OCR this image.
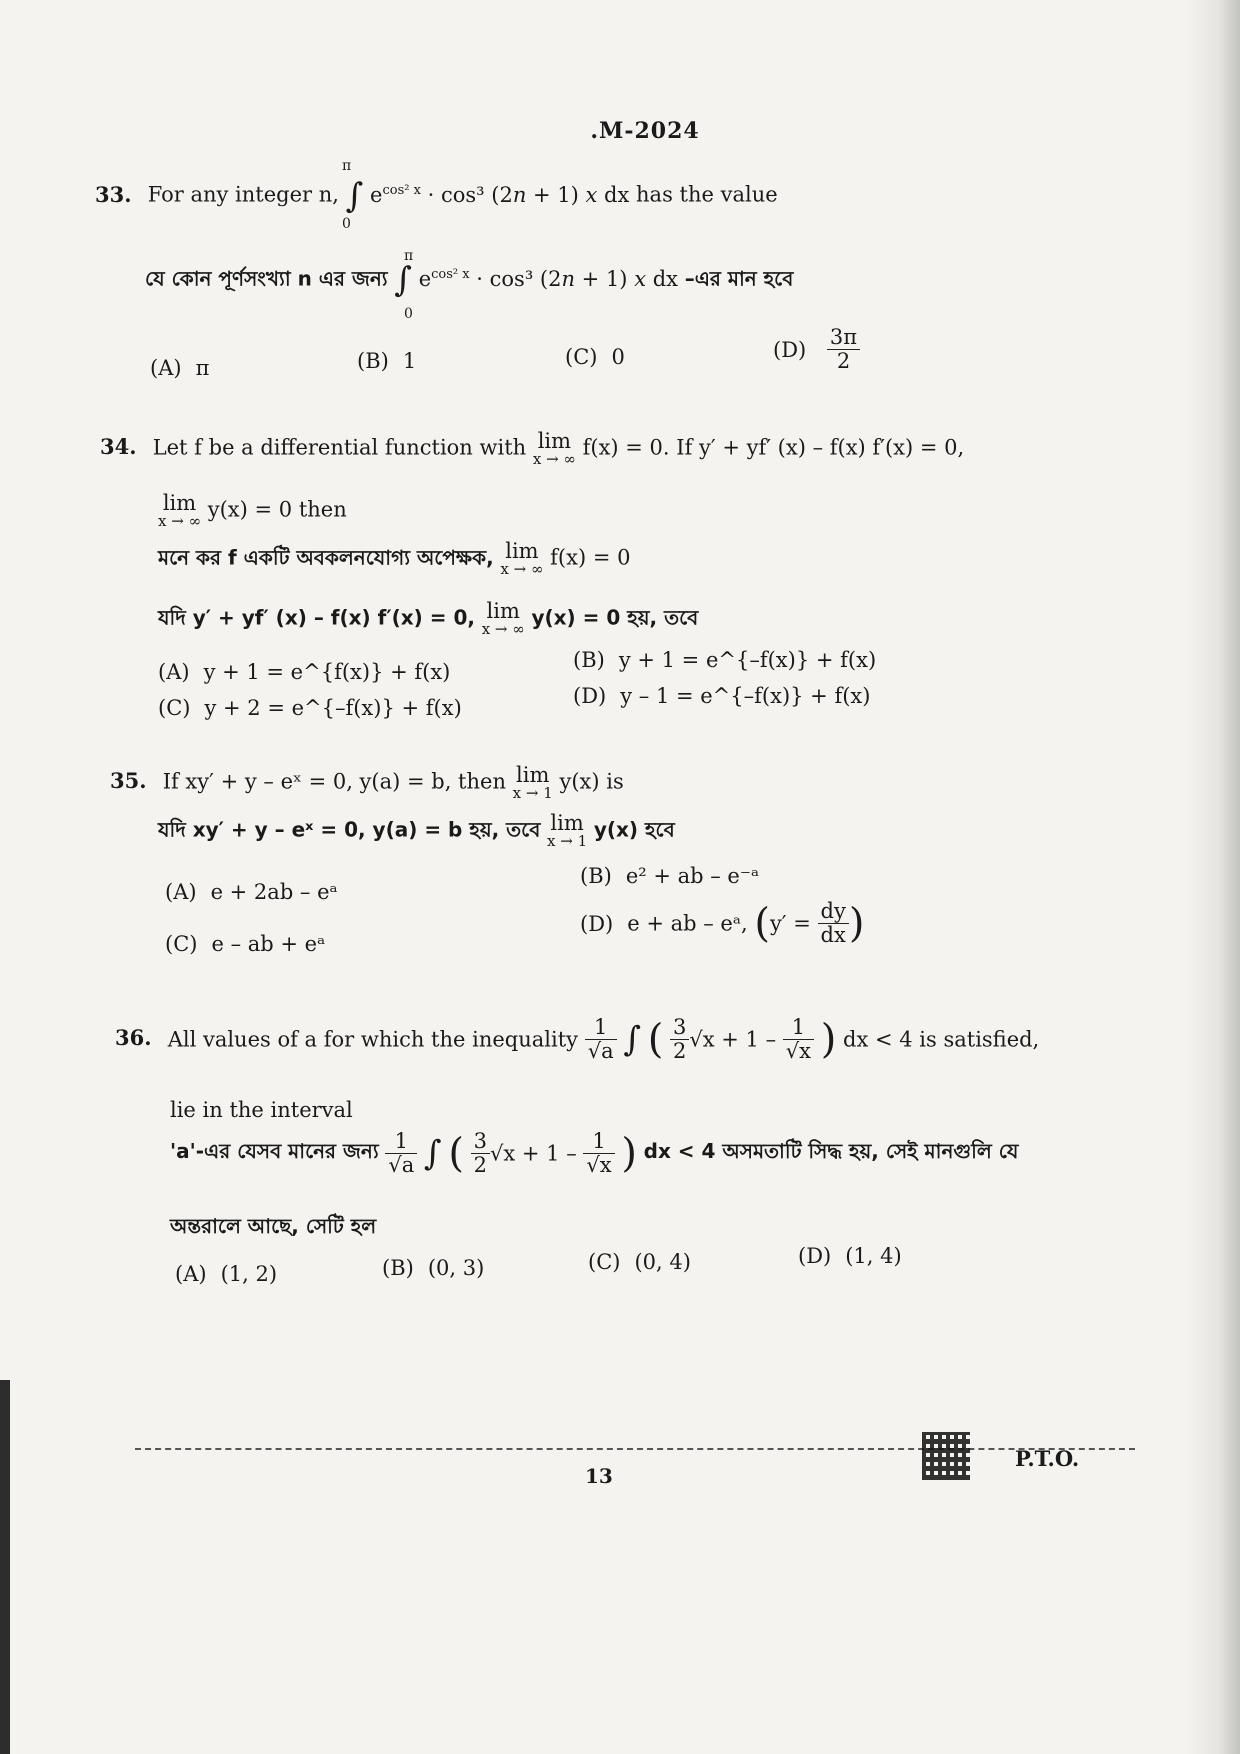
.M-2024
33. For any integer n, ∫ $e^{cos^2 x} \cdot \cos^3$ (2n + 1) x dx has the value
π
0
যে কোন পূর্ণসংখ্যা n এর জন্য ∫ $e^{cos^2 x} \cdot \cos^3$ (2n + 1) x dx –এর মান হবে
π
0
(A) π	(B) 1	(C) 0	$(D) \frac{3\pi}{2}$
34. Let f be a differential function with lim
x → ∞ f(x) = 0. If y′ + yf′ (x) – f(x) f′(x) = 0,
lim
x → ∞ y(x) = 0 then
মনে কর f একটি অবকলনযোগ্য অপেক্ষক, lim
x → ∞ f(x) = 0
যদি y′ + yf′ (x) – f(x) f′(x) = 0, lim
x → ∞ y(x) = 0 হয়, তবে
(A) y + 1 = e^{f(x)} + f(x)	(B) y + 1 = e^{–f(x)} + f(x)
(C) y + 2 = e^{–f(x)} + f(x)	(D) y – 1 = e^{–f(x)} + f(x)
35. If xy′ + y – eˣ = 0, y(a) = b, then lim
x → 1 y(x) is
যদি xy′ + y – eˣ = 0, y(a) = b হয়, তবে lim
x → 1 y(x) হবে
(A) e + 2ab – eᵃ
(B) e² + ab – e⁻ᵃ
(C) e – ab + eᵃ
(D) e + ab – eᵃ, ($y' = \frac{dy}{dx}$ )
36. All values of a for which the inequality $\frac{1}{√a}$ ∫ ( $\frac{3}{2} √x + 1 - \frac{1}{√x}$ ) dx < 4 is satisfied,
lie in the interval
'a'-এর যেসব মানের জন্য $\frac{1}{√a}$ ∫ ( $\frac{3}{2} √x + 1 - \frac{1}{√x}$ ) dx < 4 অসমতাটি সিদ্ধ হয়, সেই মানগুলি যে
অন্তরালে আছে, সেটি হল
(A) (1, 2)	(B) (0, 3)	(C) (0, 4)	(D) (1, 4)
13
P.T.O.
